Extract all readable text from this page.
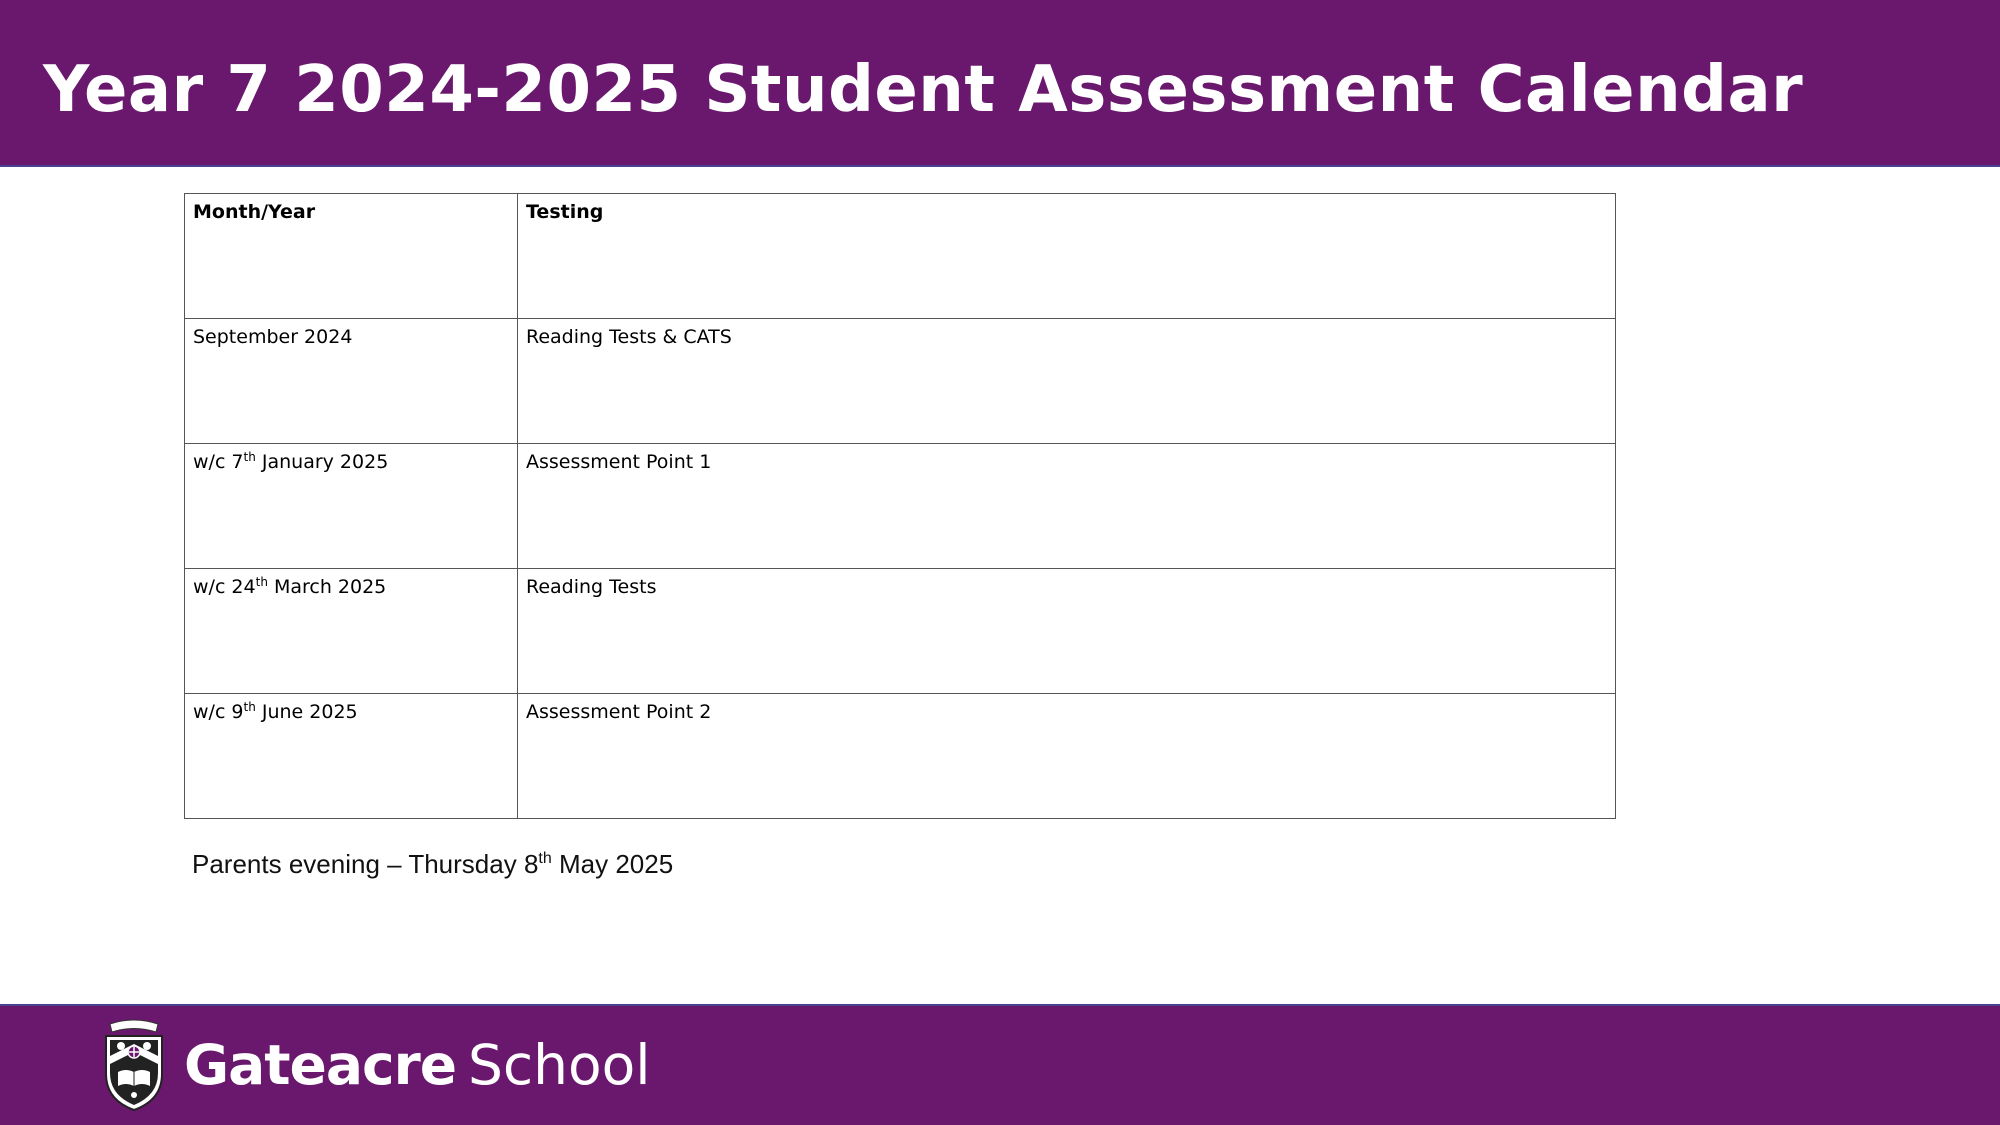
Year 7 2024-2025 Student Assessment Calendar
Month/Year	Testing
September 2024	Reading Tests & CATS
w/c 7th January 2025	Assessment Point 1
w/c 24th March 2025	Reading Tests
w/c 9th June 2025	Assessment Point 2
Parents evening – Thursday 8th May 2025
Gateacre School
